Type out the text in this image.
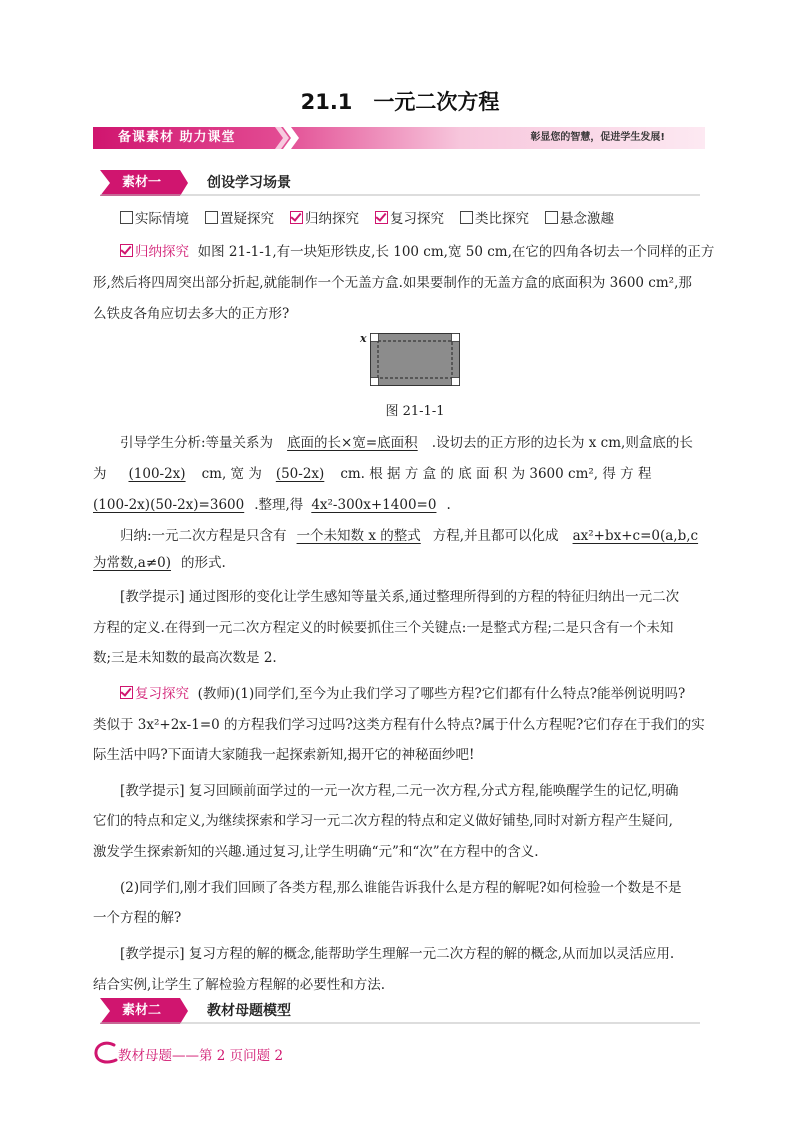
21.1　一元二次方程
备课素材 助力课堂	彰显您的智慧，促进学生发展!
素材一	创设学习场景
实际情境 置疑探究 归纳探究 复习探究 类比探究 悬念激趣
归纳探究 如图 21-1-1,有一块矩形铁皮,长 100 cm,宽 50 cm,在它的四角各切去一个同样的正方
形,然后将四周突出部分折起,就能制作一个无盖方盒.如果要制作的无盖方盒的底面积为 3600 cm²,那
么铁皮各角应切去多大的正方形?
x
图 21-1-1
引导学生分析:等量关系为 底面的长×宽=底面积 .设切去的正方形的边长为 x cm,则盒底的长
为 (100-2x) cm, 宽 为 (50-2x) cm. 根 据 方 盒 的 底 面 积 为 3600 cm², 得 方 程
(100-2x)(50-2x)=3600 .整理,得 4x²-300x+1400=0 .
归纳:一元二次方程是只含有 一个未知数 x 的整式 方程,并且都可以化成 ax²+bx+c=0(a,b,c
为常数,a≠0) 的形式.
[教学提示] 通过图形的变化让学生感知等量关系,通过整理所得到的方程的特征归纳出一元二次
方程的定义.在得到一元二次方程定义的时候要抓住三个关键点:一是整式方程;二是只含有一个未知
数;三是未知数的最高次数是 2.
复习探究 (教师)(1)同学们,至今为止我们学习了哪些方程?它们都有什么特点?能举例说明吗?
类似于 3x²+2x-1=0 的方程我们学习过吗?这类方程有什么特点?属于什么方程呢?它们存在于我们的实
际生活中吗?下面请大家随我一起探索新知,揭开它的神秘面纱吧!
[教学提示] 复习回顾前面学过的一元一次方程,二元一次方程,分式方程,能唤醒学生的记忆,明确
它们的特点和定义,为继续探索和学习一元二次方程的特点和定义做好铺垫,同时对新方程产生疑问,
激发学生探索新知的兴趣.通过复习,让学生明确“元”和“次”在方程中的含义.
(2)同学们,刚才我们回顾了各类方程,那么谁能告诉我什么是方程的解呢?如何检验一个数是不是
一个方程的解?
[教学提示] 复习方程的解的概念,能帮助学生理解一元二次方程的解的概念,从而加以灵活应用.
结合实例,让学生了解检验方程解的必要性和方法.
素材二	教材母题模型
教材母题——第 2 页问题 2
